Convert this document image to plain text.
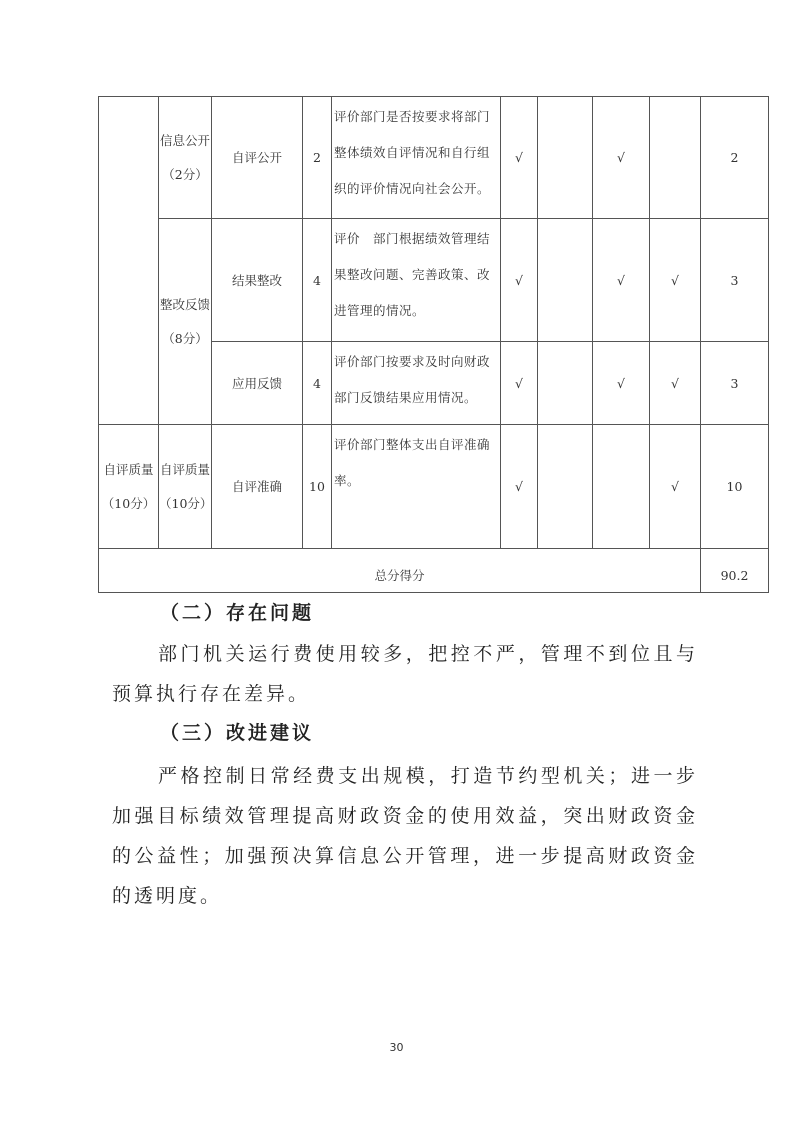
	信息公开（2分）	自评公开	2	评价部门是否按要求将部门整体绩效自评情况和自行组织的评价情况向社会公开。	√		√		2
	整改反馈（8分）	结果整改	4	评价　部门根据绩效管理结果整改问题、完善政策、改进管理的情况。	√		√	√	3
		应用反馈	4	评价部门按要求及时向财政部门反馈结果应用情况。	√		√	√	3
自评质量（10分）	自评质量（10分）	自评准确	10	评价部门整体支出自评准确率。	√			√	10
总分得分									90.2
（二）存在问题

部门机关运行费使用较多，把控不严，管理不到位且与预算执行存在差异。

（三）改进建议

严格控制日常经费支出规模，打造节约型机关；进一步加强目标绩效管理提高财政资金的使用效益，突出财政资金的公益性；加强预决算信息公开管理，进一步提高财政资金的透明度。

30
